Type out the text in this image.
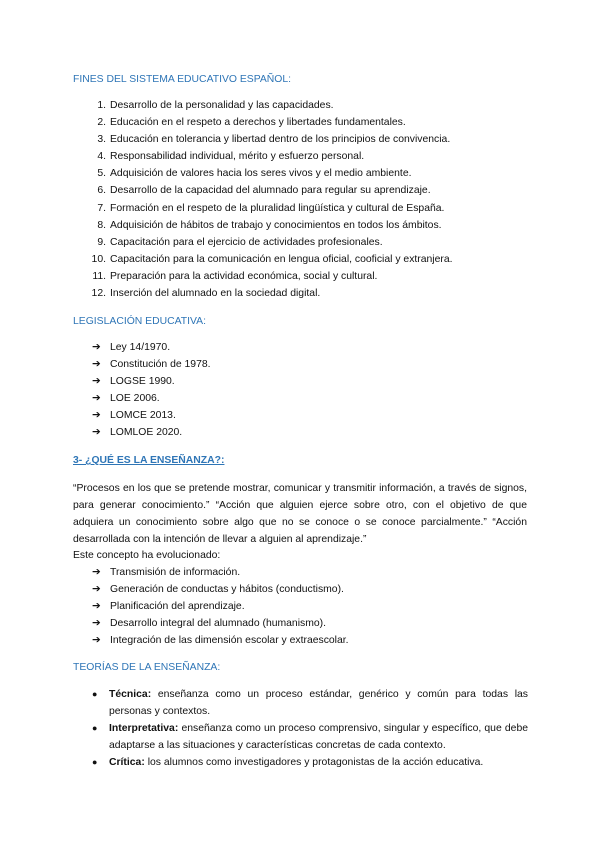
FINES DEL SISTEMA EDUCATIVO ESPAÑOL:
1. Desarrollo de la personalidad y las capacidades.
2. Educación en el respeto a derechos y libertades fundamentales.
3. Educación en tolerancia y libertad dentro de los principios de convivencia.
4. Responsabilidad individual, mérito y esfuerzo personal.
5. Adquisición de valores hacia los seres vivos y el medio ambiente.
6. Desarrollo de la capacidad del alumnado para regular su aprendizaje.
7. Formación en el respeto de la pluralidad lingüística y cultural de España.
8. Adquisición de hábitos de trabajo y conocimientos en todos los ámbitos.
9. Capacitación para el ejercicio de actividades profesionales.
10. Capacitación para la comunicación en lengua oficial, cooficial y extranjera.
11. Preparación para la actividad económica, social y cultural.
12. Inserción del alumnado en la sociedad digital.
LEGISLACIÓN EDUCATIVA:
➔ Ley 14/1970.
➔ Constitución de 1978.
➔ LOGSE 1990.
➔ LOE 2006.
➔ LOMCE 2013.
➔ LOMLOE 2020.
3- ¿QUÉ ES LA ENSEÑANZA?:
“Procesos en los que se pretende mostrar, comunicar y transmitir información, a través de signos, para generar conocimiento.” “Acción que alguien ejerce sobre otro, con el objetivo de que adquiera un conocimiento sobre algo que no se conoce o se conoce parcialmente.” “Acción desarrollada con la intención de llevar a alguien al aprendizaje.”
Este concepto ha evolucionado:
➔ Transmisión de información.
➔ Generación de conductas y hábitos (conductismo).
➔ Planificación del aprendizaje.
➔ Desarrollo integral del alumnado (humanismo).
➔ Integración de las dimensión escolar y extraescolar.
TEORÍAS DE LA ENSEÑANZA:
● Técnica: enseñanza como un proceso estándar, genérico y común para todas las personas y contextos.
● Interpretativa: enseñanza como un proceso comprensivo, singular y específico, que debe adaptarse a las situaciones y características concretas de cada contexto.
● Crítica: los alumnos como investigadores y protagonistas de la acción educativa.
